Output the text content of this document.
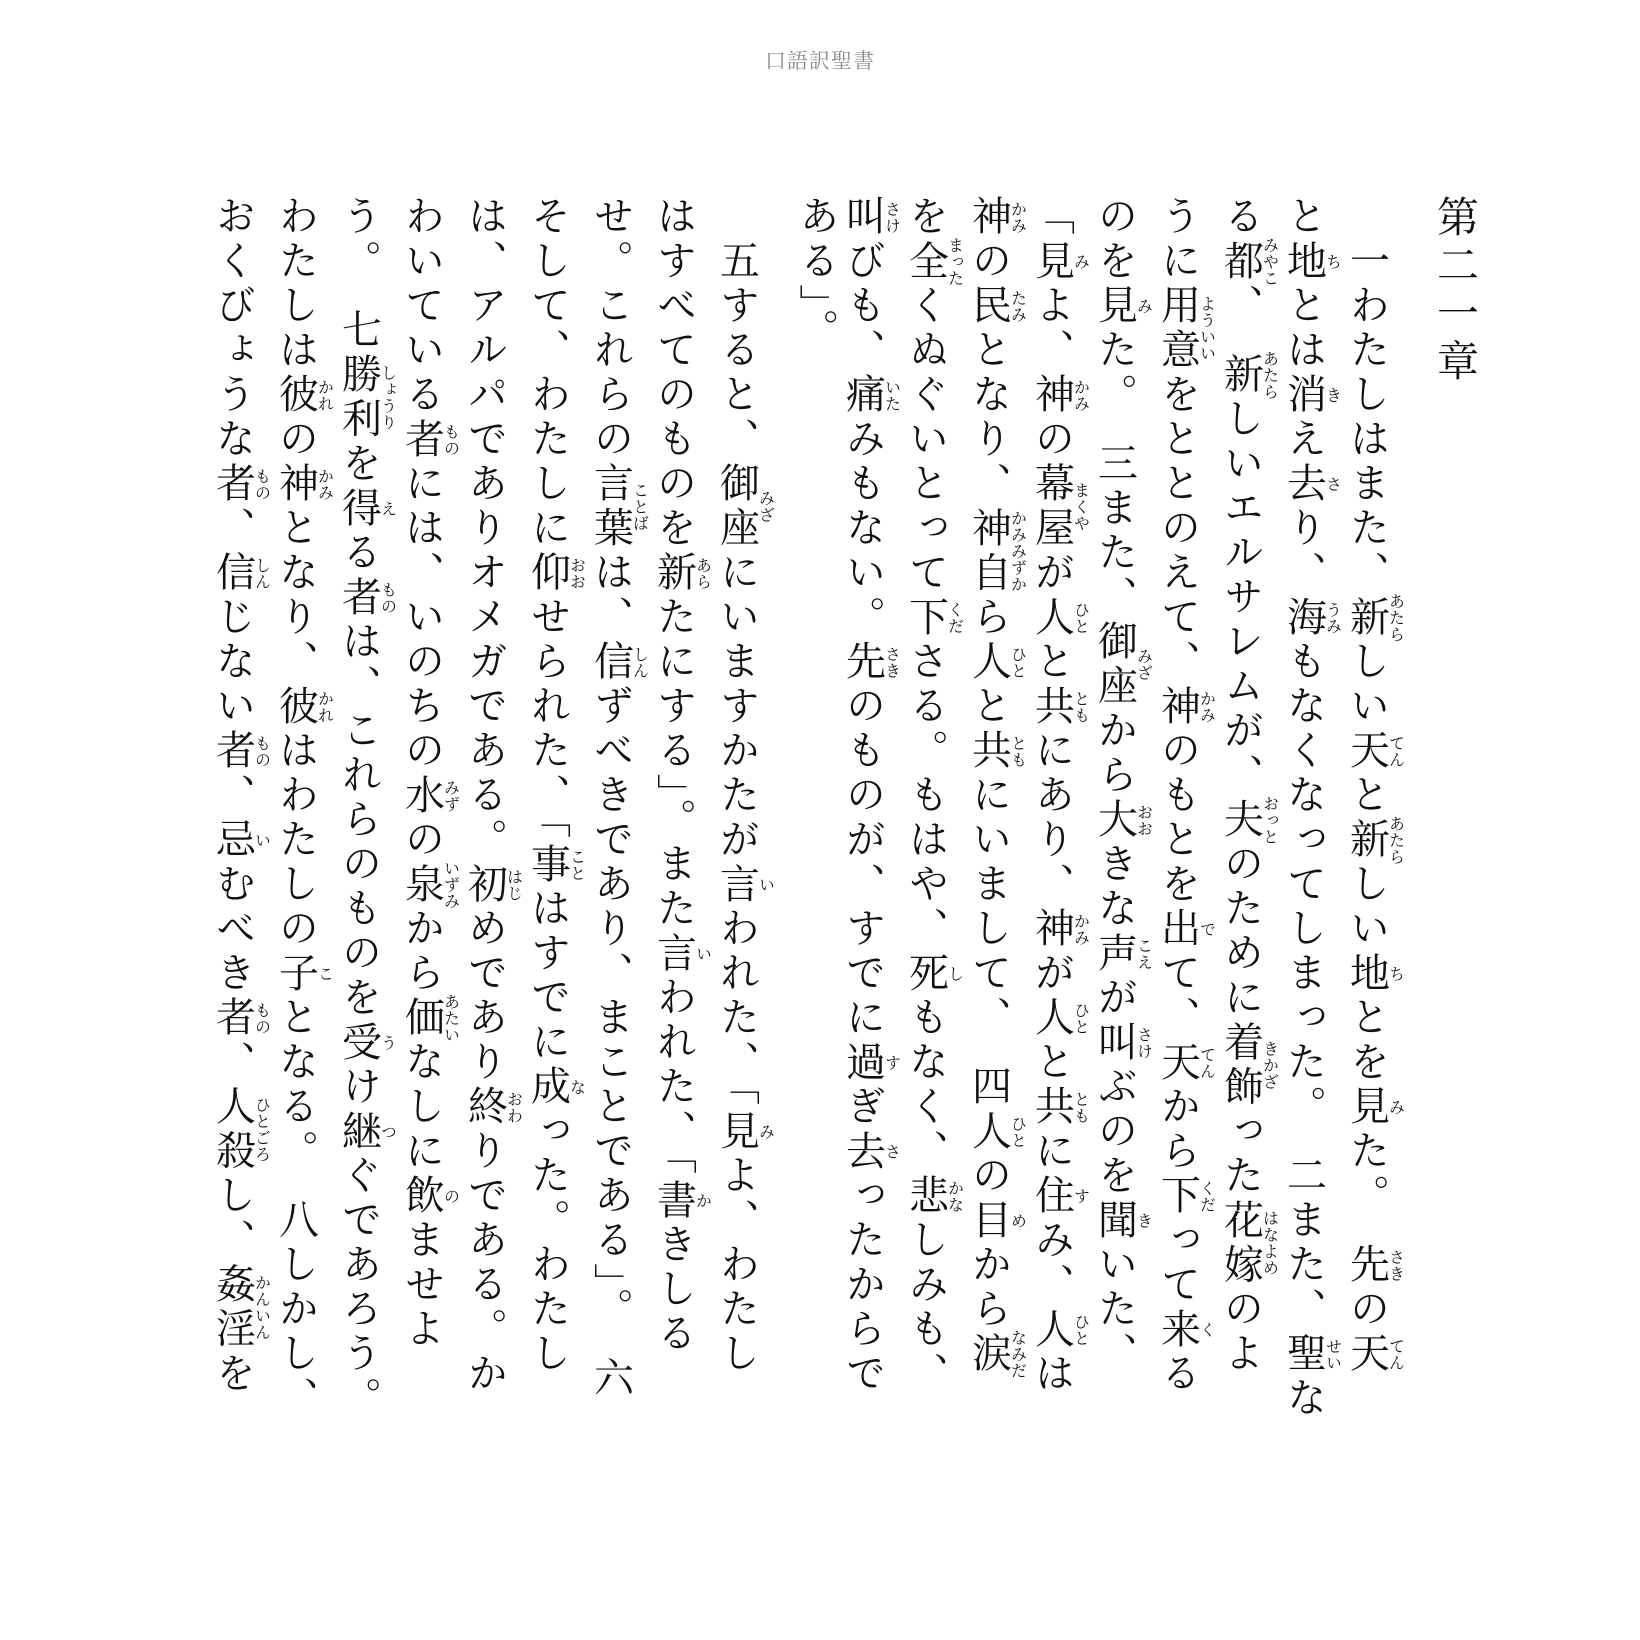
口語訳聖書
第二一章
　一わたしはまた、新あたらしい天てんと新あたらしい地ちとを見みた。　先さきの天てん
と地ちとは消きえ去さり、海うみもなくなってしまった。　二また、聖せいな
る都みやこ、　新あたらしいエルサレムが、夫おっとのために着飾きかざった花嫁はなよめのよ
うに用意よういいをととのえて、神かみのもとを出でて、天てんから下くだって来くる
のを見みた。　三また、御座みざから大おおきな声こえが叫さけぶのを聞きいた、
「見みよ、神かみの幕屋まくやが人ひとと共ともにあり、神かみが人ひとと共ともに住すみ、人ひとは
神かみの民たみとなり、神自かみみずから人ひとと共ともにいまして、　四人ひとの目めから涙なみだ
を全まったくぬぐいとって下くださる。もはや、死しもなく、悲かなしみも、
叫さけびも、痛いたみもない。先さきのものが、すでに過すぎ去さったからで
ある」。
　五すると、御座みざにいますかたが言いわれた、「見みよ、わたし
はすべてのものを新あらたにする」。また言いわれた、「書かきしる
せ。これらの言葉ことばは、信しんずべきであり、まことである」。　六
そして、わたしに仰おおせられた、「事ことはすでに成なった。わたし
は、アルパでありオメガである。初はじめであり終おわりである。か
わいている者ものには、いのちの水みずの泉いずみから価あたいなしに飲のませよ
う。　七勝利しょうりを得える者ものは、これらのものを受うけ継つぐであろう。
わたしは彼かれの神かみとなり、彼かれはわたしの子ことなる。　八しかし、
おくびょうな者もの、信しんじない者もの、忌いむべき者もの、人殺ひとごろし、姦淫かんいんを
